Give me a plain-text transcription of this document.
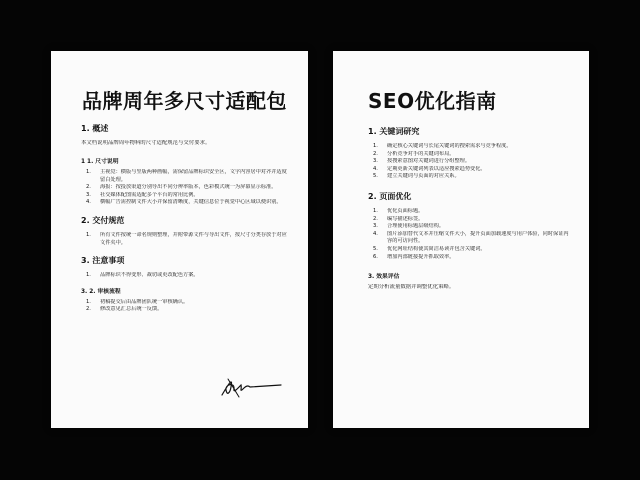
品牌周年多尺寸适配包
1. 概述
本文档说明品牌周年物料的尺寸适配规范与交付要求。
1 1. 尺寸说明
1.	主视觉：横版与竖版两种画幅，需保留品牌标识安全区，文字内容居中对齐并适度留白处理。
2.	海报：按投放渠道分别导出不同分辨率版本，色彩模式统一为屏幕显示标准。
3.	社交媒体配图需适配多个平台的常用比例。
4.	横幅广告需控制文件大小并保留清晰度，关键信息位于视觉中心区域以便识别。
2. 交付规范
1.	所有文件按统一命名规则整理，并附带源文件与导出文件，按尺寸分类存放于对应文件夹中。
3. 注意事项
1.	品牌标识不得变形、裁切或更改配色方案。
3. 2. 审核流程
1.	初稿提交后由品牌团队统一审核确认。
2.	修改意见汇总后统一反馈。
SEO优化指南
1. 关键词研究
1.	确定核心关键词与长尾关键词的搜索需求与竞争程度。
2.	分析竞争对手的关键词布局。
3.	按搜索意图对关键词进行分组整理。
4.	定期更新关键词列表以适应搜索趋势变化。
5.	建立关键词与页面的对应关系。
2. 页面优化
1.	优化页面标题。
2.	编写描述标签。
3.	合理使用标题层级结构。
4.	图片添加替代文本并压缩文件大小，提升页面加载速度与用户体验，同时保证内容的可访问性。
5.	优化网址结构使其简洁易读并包含关键词。
6.	增加内部链接提升抓取效率。
3. 效果评估
定期分析流量数据并调整优化策略。
